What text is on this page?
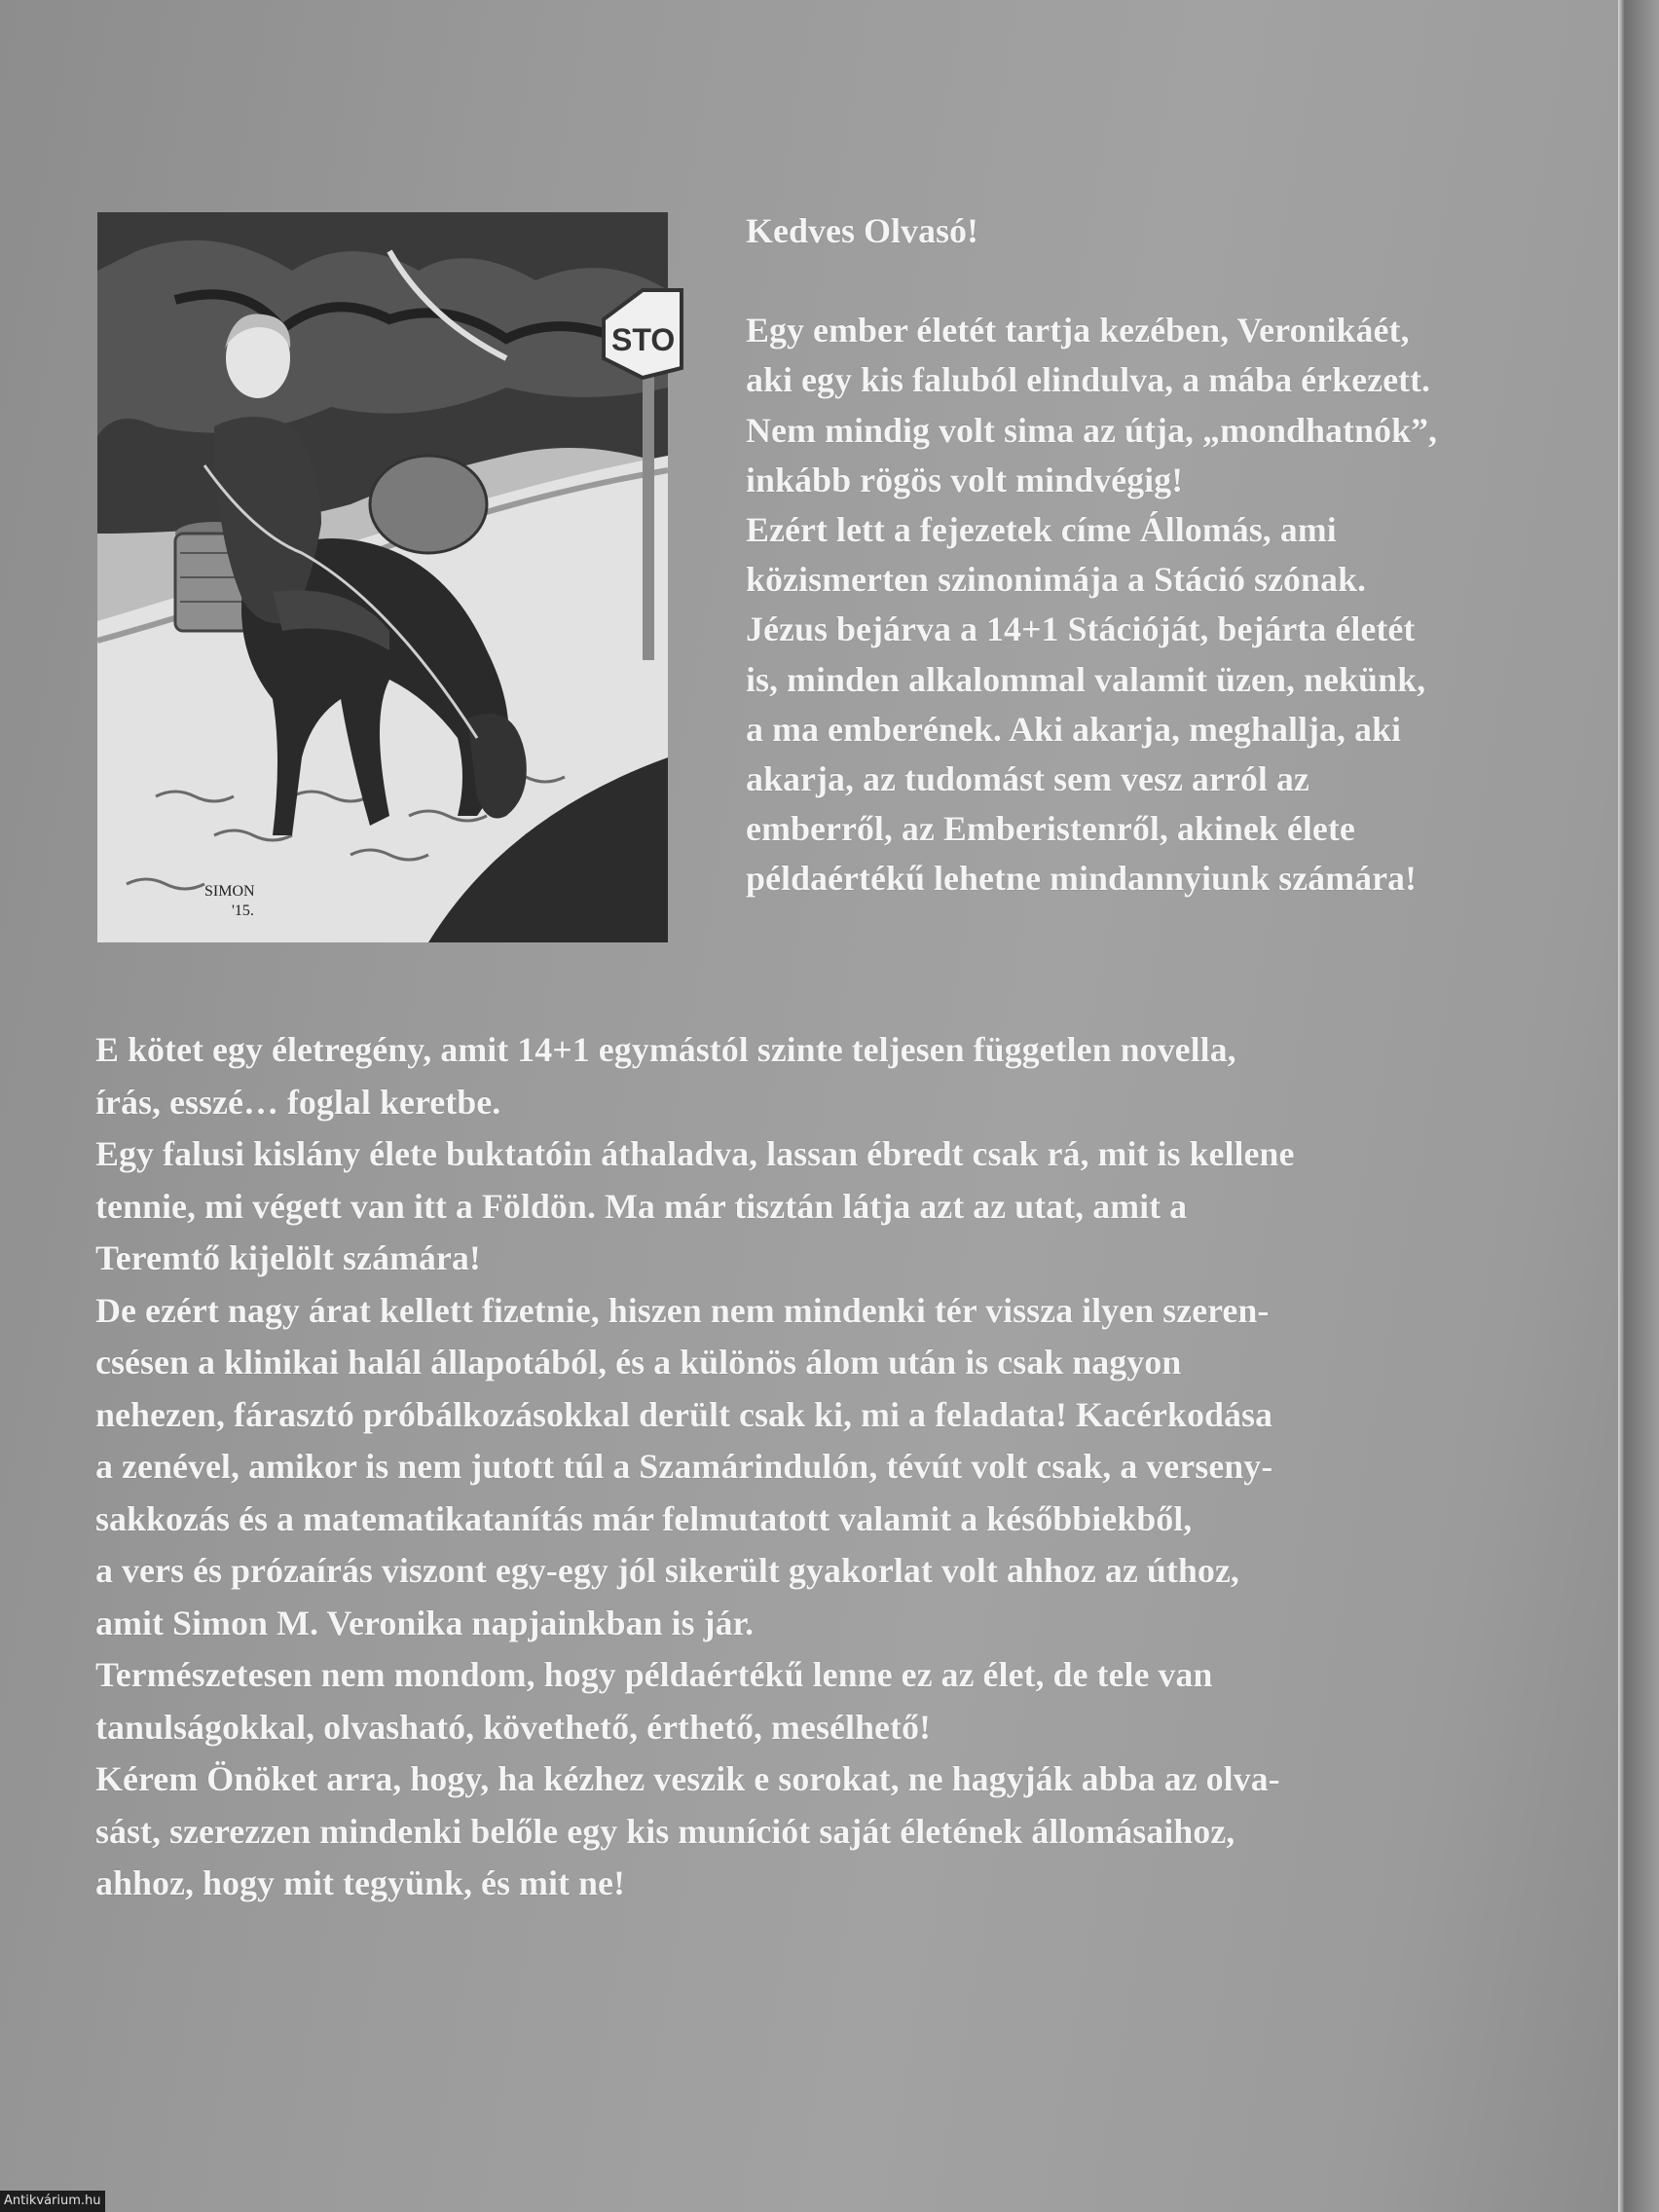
STO
SIMON
'15.

Kedves Olvasó!

Egy ember életét tartja kezében, Veronikáét,

aki egy kis faluból elindulva, a mába érkezett.

Nem mindig volt sima az útja, „mondhatnók”,

inkább rögös volt mindvégig!

Ezért lett a fejezetek címe Állomás, ami

közismerten szinonimája a Stáció szónak.

Jézus bejárva a 14+1 Stációját, bejárta életét

is, minden alkalommal valamit üzen, nekünk,

a ma emberének. Aki akarja, meghallja, aki

akarja, az tudomást sem vesz arról az

emberről, az Emberistenről, akinek élete

példaértékű lehetne mindannyiunk számára!

E kötet egy életregény, amit 14+1 egymástól szinte teljesen független novella,

írás, esszé… foglal keretbe.

Egy falusi kislány élete buktatóin áthaladva, lassan ébredt csak rá, mit is kellene

tennie, mi végett van itt a Földön. Ma már tisztán látja azt az utat, amit a

Teremtő kijelölt számára!

De ezért nagy árat kellett fizetnie, hiszen nem mindenki tér vissza ilyen szeren-

csésen a klinikai halál állapotából, és a különös álom után is csak nagyon

nehezen, fárasztó próbálkozásokkal derült csak ki, mi a feladata! Kacérkodása

a zenével, amikor is nem jutott túl a Szamárindulón, tévút volt csak, a verseny-

sakkozás és a matematikatanítás már felmutatott valamit a későbbiekből,

a vers és prózaírás viszont egy-egy jól sikerült gyakorlat volt ahhoz az úthoz,

amit Simon M. Veronika napjainkban is jár.

Természetesen nem mondom, hogy példaértékű lenne ez az élet, de tele van

tanulságokkal, olvasható, követhető, érthető, mesélhető!

Kérem Önöket arra, hogy, ha kézhez veszik e sorokat, ne hagyják abba az olva-

sást, szerezzen mindenki belőle egy kis muníciót saját életének állomásaihoz,

ahhoz, hogy mit tegyünk, és mit ne!

Antikvárium.hu
